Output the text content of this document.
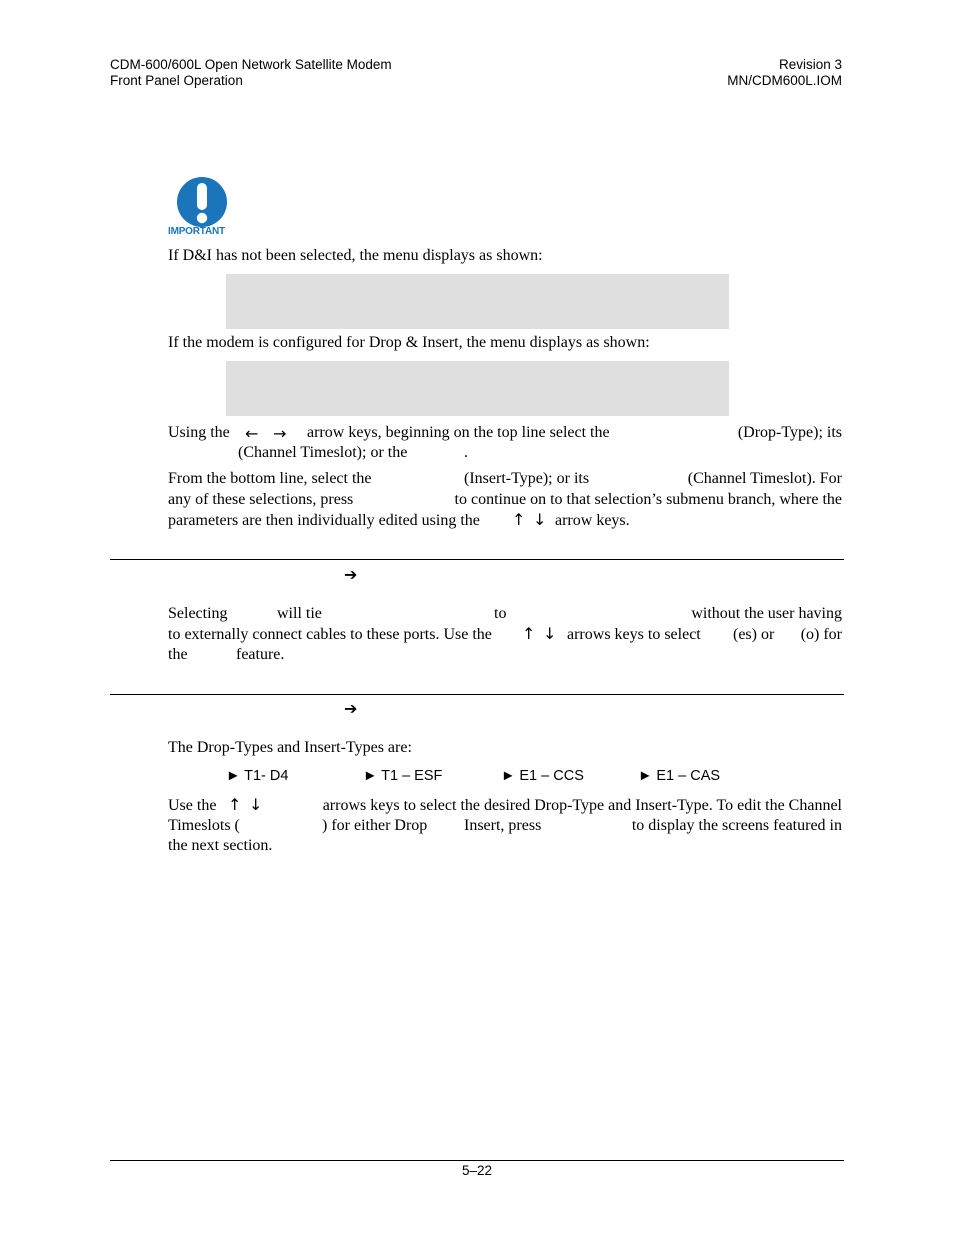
CDM-600/600L Open Network Satellite Modem
Front Panel Operation
Revision 3
MN/CDM600L.IOM
IMPORTANT
If D&I has not been selected, the menu displays as shown:
If the modem is configured for Drop & Insert, the menu displays as shown:
Using the ← → arrow keys, beginning on the top line select the	(Drop-Type); its
(Channel Timeslot); or the	.
From the bottom line, select the	(Insert-Type); or its	(Channel Timeslot). For
any of these selections, press	to continue on to that selection’s submenu branch, where the
parameters are then individually edited using the ↑ ↓ arrow keys.
➔
Selecting	will tie	to	without the user having
to externally connect cables to these ports. Use the ↑ ↓ arrows keys to select (es) or (o) for
the	feature.
➔
The Drop-Types and Insert-Types are:
► T1- D4	► T1 – ESF	► E1 – CCS	► E1 – CAS
Use the ↑ ↓	arrows keys to select the desired Drop-Type and Insert-Type. To edit the Channel
Timeslots (	) for either Drop Insert, press	to display the screens featured in
the next section.
5–22
